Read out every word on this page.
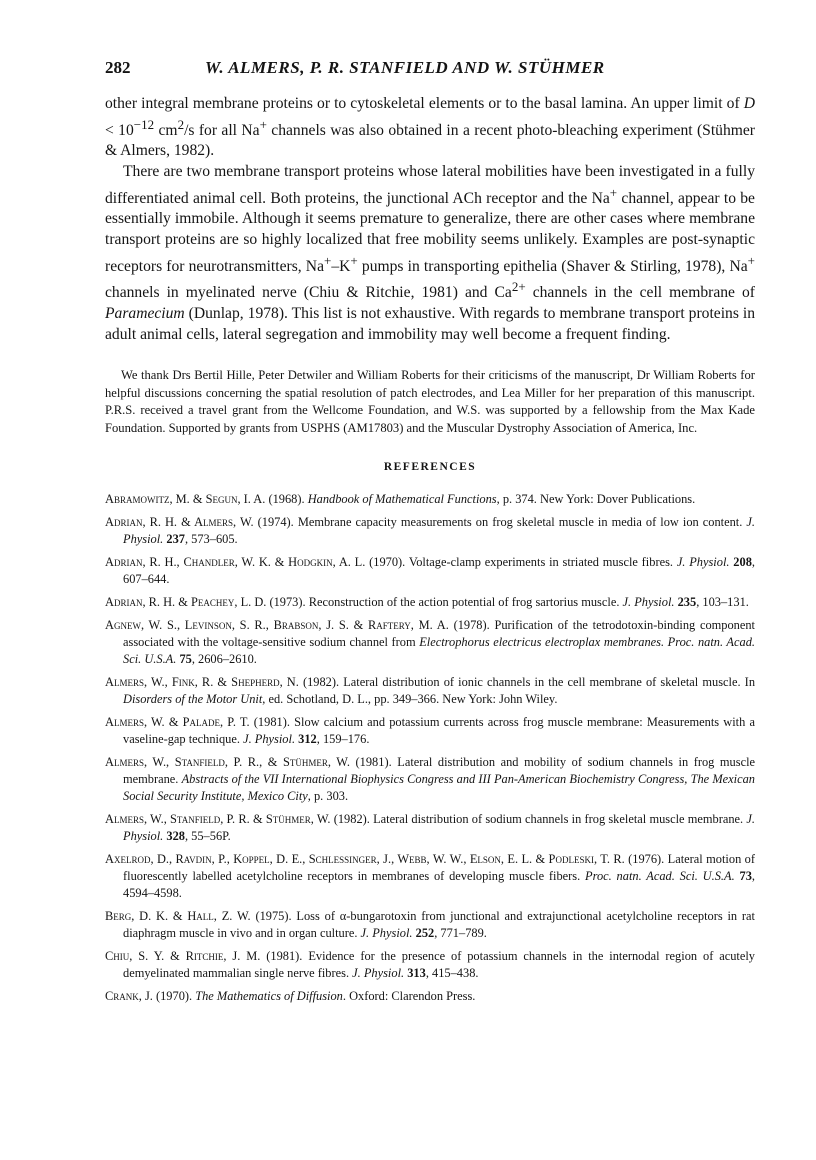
282	W. ALMERS, P. R. STANFIELD AND W. STÜHMER

other integral membrane proteins or to cytoskeletal elements or to the basal lamina. An upper limit of $D < 10^{-12}$ $cm^2/s$ for all Na+ channels was also obtained in a recent photo-bleaching experiment (Stühmer & Almers, 1982).

There are two membrane transport proteins whose lateral mobilities have been investigated in a fully differentiated animal cell. Both proteins, the junctional ACh receptor and the Na+ channel, appear to be essentially immobile. Although it seems premature to generalize, there are other cases where membrane transport proteins are so highly localized that free mobility seems unlikely. Examples are post-synaptic receptors for neurotransmitters, Na+–K+ pumps in transporting epithelia (Shaver & Stirling, 1978), Na+ channels in myelinated nerve (Chiu & Ritchie, 1981) and $Ca^{2+}$ channels in the cell membrane of Paramecium (Dunlap, 1978). This list is not exhaustive. With regards to membrane transport proteins in adult animal cells, lateral segregation and immobility may well become a frequent finding.

We thank Drs Bertil Hille, Peter Detwiler and William Roberts for their criticisms of the manuscript, Dr William Roberts for helpful discussions concerning the spatial resolution of patch electrodes, and Lea Miller for her preparation of this manuscript. P.R.S. received a travel grant from the Wellcome Foundation, and W.S. was supported by a fellowship from the Max Kade Foundation. Supported by grants from USPHS (AM17803) and the Muscular Dystrophy Association of America, Inc.
REFERENCES
Abramowitz, M. & Segun, I. A. (1968). Handbook of Mathematical Functions, p. 374. New York: Dover Publications.
Adrian, R. H. & Almers, W. (1974). Membrane capacity measurements on frog skeletal muscle in media of low ion content. J. Physiol. 237, 573–605.
Adrian, R. H., Chandler, W. K. & Hodgkin, A. L. (1970). Voltage-clamp experiments in striated muscle fibres. J. Physiol. 208, 607–644.
Adrian, R. H. & Peachey, L. D. (1973). Reconstruction of the action potential of frog sartorius muscle. J. Physiol. 235, 103–131.
Agnew, W. S., Levinson, S. R., Brabson, J. S. & Raftery, M. A. (1978). Purification of the tetrodotoxin-binding component associated with the voltage-sensitive sodium channel from Electrophorus electricus electroplax membranes. Proc. natn. Acad. Sci. U.S.A. 75, 2606–2610.
Almers, W., Fink, R. & Shepherd, N. (1982). Lateral distribution of ionic channels in the cell membrane of skeletal muscle. In Disorders of the Motor Unit, ed. Schotland, D. L., pp. 349–366. New York: John Wiley.
Almers, W. & Palade, P. T. (1981). Slow calcium and potassium currents across frog muscle membrane: Measurements with a vaseline-gap technique. J. Physiol. 312, 159–176.
Almers, W., Stanfield, P. R., & Stühmer, W. (1981). Lateral distribution and mobility of sodium channels in frog muscle membrane. Abstracts of the VII International Biophysics Congress and III Pan-American Biochemistry Congress, The Mexican Social Security Institute, Mexico City, p. 303.
Almers, W., Stanfield, P. R. & Stühmer, W. (1982). Lateral distribution of sodium channels in frog skeletal muscle membrane. J. Physiol. 328, 55–56P.
Axelrod, D., Ravdin, P., Koppel, D. E., Schlessinger, J., Webb, W. W., Elson, E. L. & Podleski, T. R. (1976). Lateral motion of fluorescently labelled acetylcholine receptors in membranes of developing muscle fibers. Proc. natn. Acad. Sci. U.S.A. 73, 4594–4598.
Berg, D. K. & Hall, Z. W. (1975). Loss of α-bungarotoxin from junctional and extrajunctional acetylcholine receptors in rat diaphragm muscle in vivo and in organ culture. J. Physiol. 252, 771–789.
Chiu, S. Y. & Ritchie, J. M. (1981). Evidence for the presence of potassium channels in the internodal region of acutely demyelinated mammalian single nerve fibres. J. Physiol. 313, 415–438.
Crank, J. (1970). The Mathematics of Diffusion. Oxford: Clarendon Press.
